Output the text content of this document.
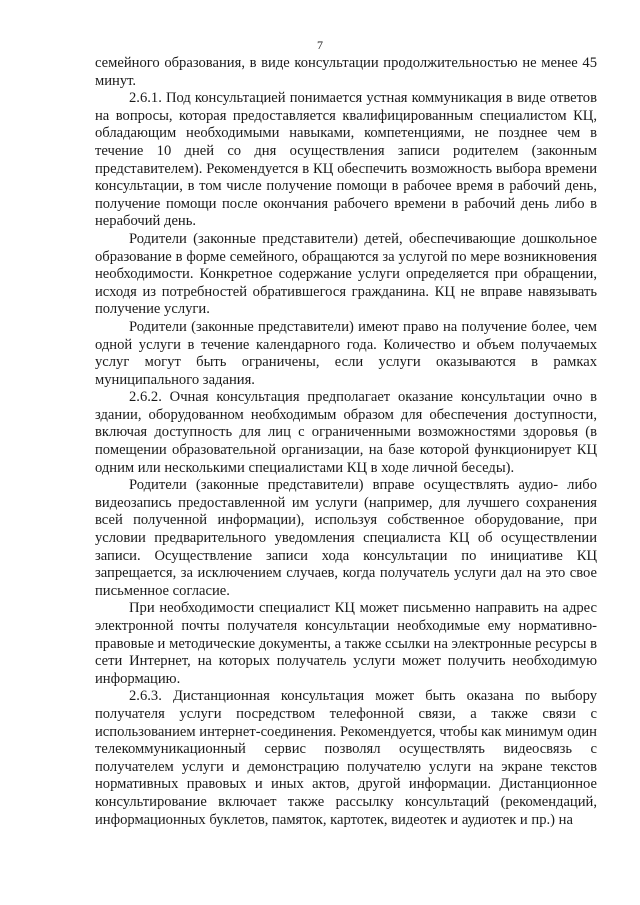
7

семейного образования, в виде консультации продолжительностью не менее 45 минут.

2.6.1. Под консультацией понимается устная коммуникация в виде ответов на вопросы, которая предоставляется квалифицированным специалистом КЦ, обладающим необходимыми навыками, компетенциями, не позднее чем в течение 10 дней со дня осуществления записи родителем (законным представителем). Рекомендуется в КЦ обеспечить возможность выбора времени консультации, в том числе получение помощи в рабочее время в рабочий день, получение помощи после окончания рабочего времени в рабочий день либо в нерабочий день.

Родители (законные представители) детей, обеспечивающие дошкольное образование в форме семейного, обращаются за услугой по мере возникновения необходимости. Конкретное содержание услуги определяется при обращении, исходя из потребностей обратившегося гражданина. КЦ не вправе навязывать получение услуги.

Родители (законные представители) имеют право на получение более, чем одной услуги в течение календарного года. Количество и объем получаемых услуг могут быть ограничены, если услуги оказываются в рамках муниципального задания.

2.6.2. Очная консультация предполагает оказание консультации очно в здании, оборудованном необходимым образом для обеспечения доступности, включая доступность для лиц с ограниченными возможностями здоровья (в помещении образовательной организации, на базе которой функционирует КЦ одним или несколькими специалистами КЦ в ходе личной беседы).

Родители (законные представители) вправе осуществлять аудио- либо видеозапись предоставленной им услуги (например, для лучшего сохранения всей полученной информации), используя собственное оборудование, при условии предварительного уведомления специалиста КЦ об осуществлении записи. Осуществление записи хода консультации по инициативе КЦ запрещается, за исключением случаев, когда получатель услуги дал на это свое письменное согласие.

При необходимости специалист КЦ может письменно направить на адрес электронной почты получателя консультации необходимые ему нормативно-правовые и методические документы, а также ссылки на электронные ресурсы в сети Интернет, на которых получатель услуги может получить необходимую информацию.

2.6.3. Дистанционная консультация может быть оказана по выбору получателя услуги посредством телефонной связи, а также связи с использованием интернет-соединения. Рекомендуется, чтобы как минимум один телекоммуникационный сервис позволял осуществлять видеосвязь с получателем услуги и демонстрацию получателю услуги на экране текстов нормативных правовых и иных актов, другой информации. Дистанционное консультирование включает также рассылку консультаций (рекомендаций, информационных буклетов, памяток, картотек, видеотек и аудиотек и пр.) на
